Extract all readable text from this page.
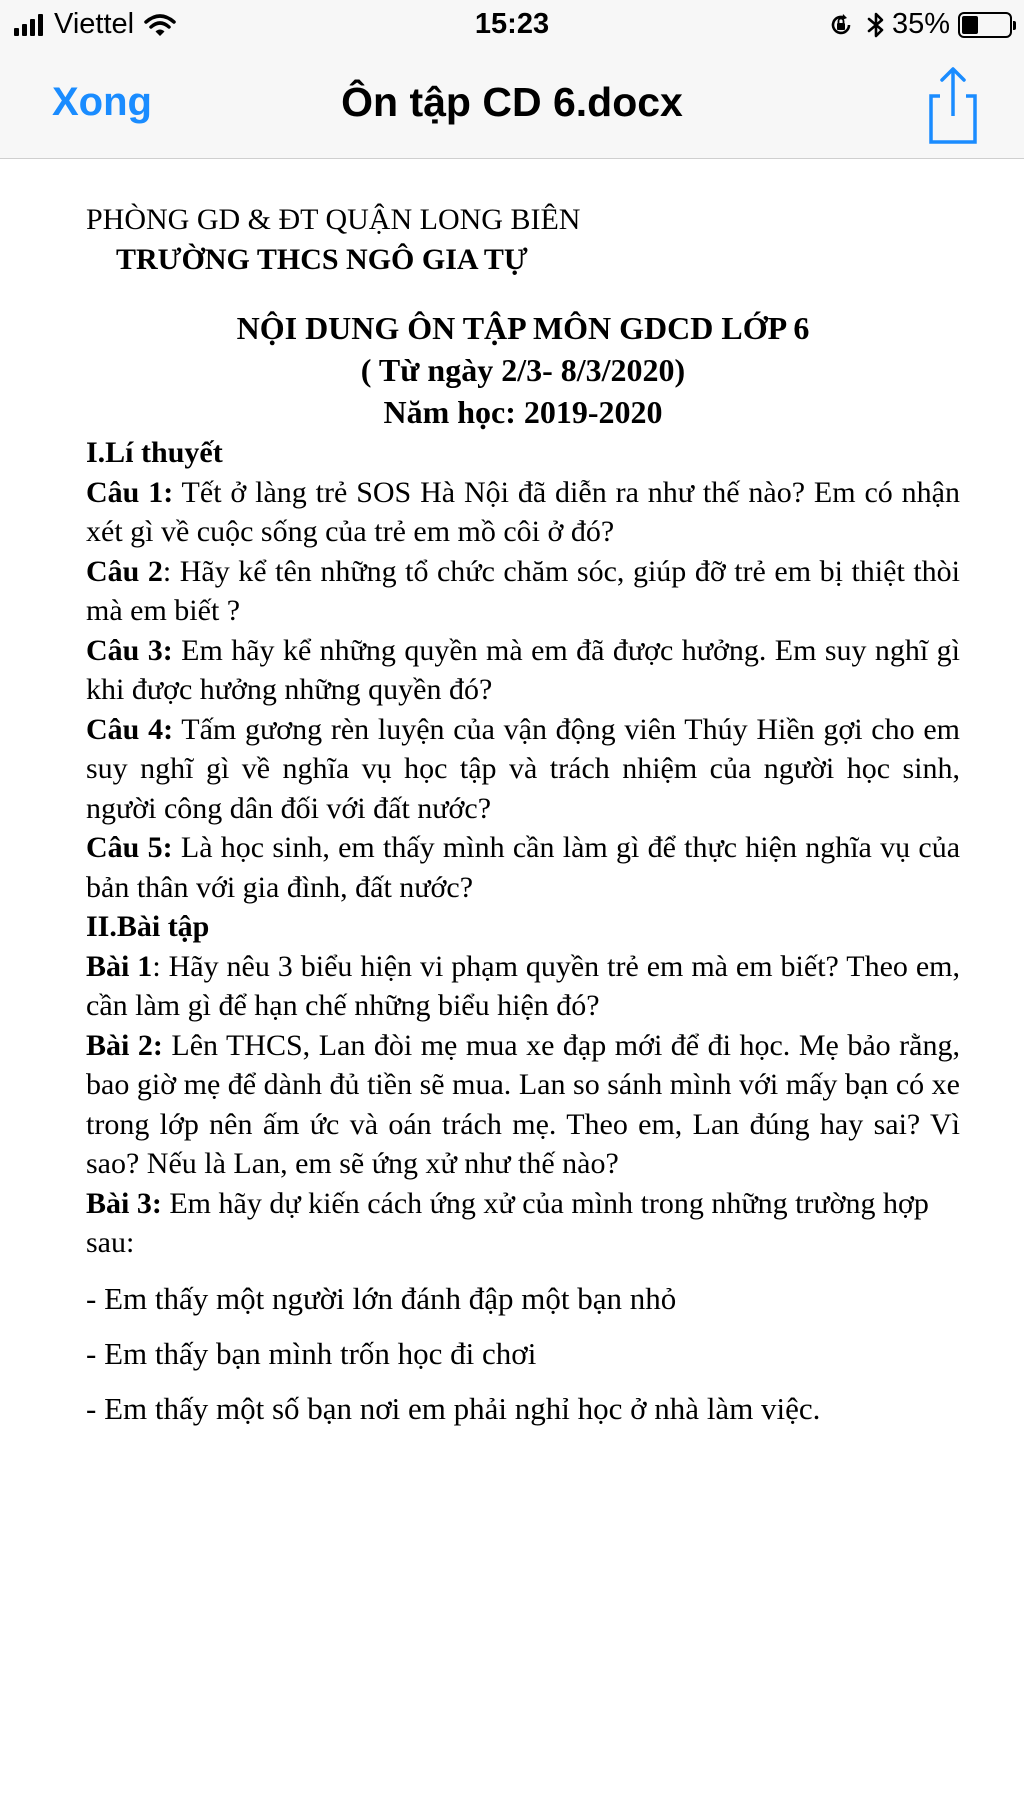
Viettel	15:23	35%
Xong	Ôn tập CD 6.docx

PHÒNG GD & ĐT QUẬN LONG BIÊN

TRƯỜNG THCS NGÔ GIA TỰ

NỘI DUNG ÔN TẬP MÔN GDCD LỚP 6
( Từ ngày 2/3- 8/3/2020)
Năm học: 2019-2020

I.Lí thuyết

Câu 1: Tết ở làng trẻ SOS Hà Nội đã diễn ra như thế nào? Em có nhận xét gì về cuộc sống của trẻ em mồ côi ở đó?

Câu 2: Hãy kể tên những tổ chức chăm sóc, giúp đỡ trẻ em bị thiệt thòi mà em biết ?

Câu 3: Em hãy kể những quyền mà em đã được hưởng. Em suy nghĩ gì khi được hưởng những quyền đó?

Câu 4: Tấm gương rèn luyện của vận động viên Thúy Hiền gợi cho em suy nghĩ gì về nghĩa vụ học tập và trách nhiệm của người học sinh, người công dân đối với đất nước?

Câu 5: Là học sinh, em thấy mình cần làm gì để thực hiện nghĩa vụ của bản thân với gia đình, đất nước?

II.Bài tập

Bài 1: Hãy nêu 3 biểu hiện vi phạm quyền trẻ em mà em biết? Theo em, cần làm gì để hạn chế những biểu hiện đó?

Bài 2: Lên THCS, Lan đòi mẹ mua xe đạp mới để đi học. Mẹ bảo rằng, bao giờ mẹ để dành đủ tiền sẽ mua. Lan so sánh mình với mấy bạn có xe trong lớp nên ấm ức và oán trách mẹ. Theo em, Lan đúng hay sai? Vì sao? Nếu là Lan, em sẽ ứng xử như thế nào?

Bài 3: Em hãy dự kiến cách ứng xử của mình trong những trường hợp sau:

- Em thấy một người lớn đánh đập một bạn nhỏ
- Em thấy bạn mình trốn học đi chơi
- Em thấy một số bạn nơi em phải nghỉ học ở nhà làm việc.
